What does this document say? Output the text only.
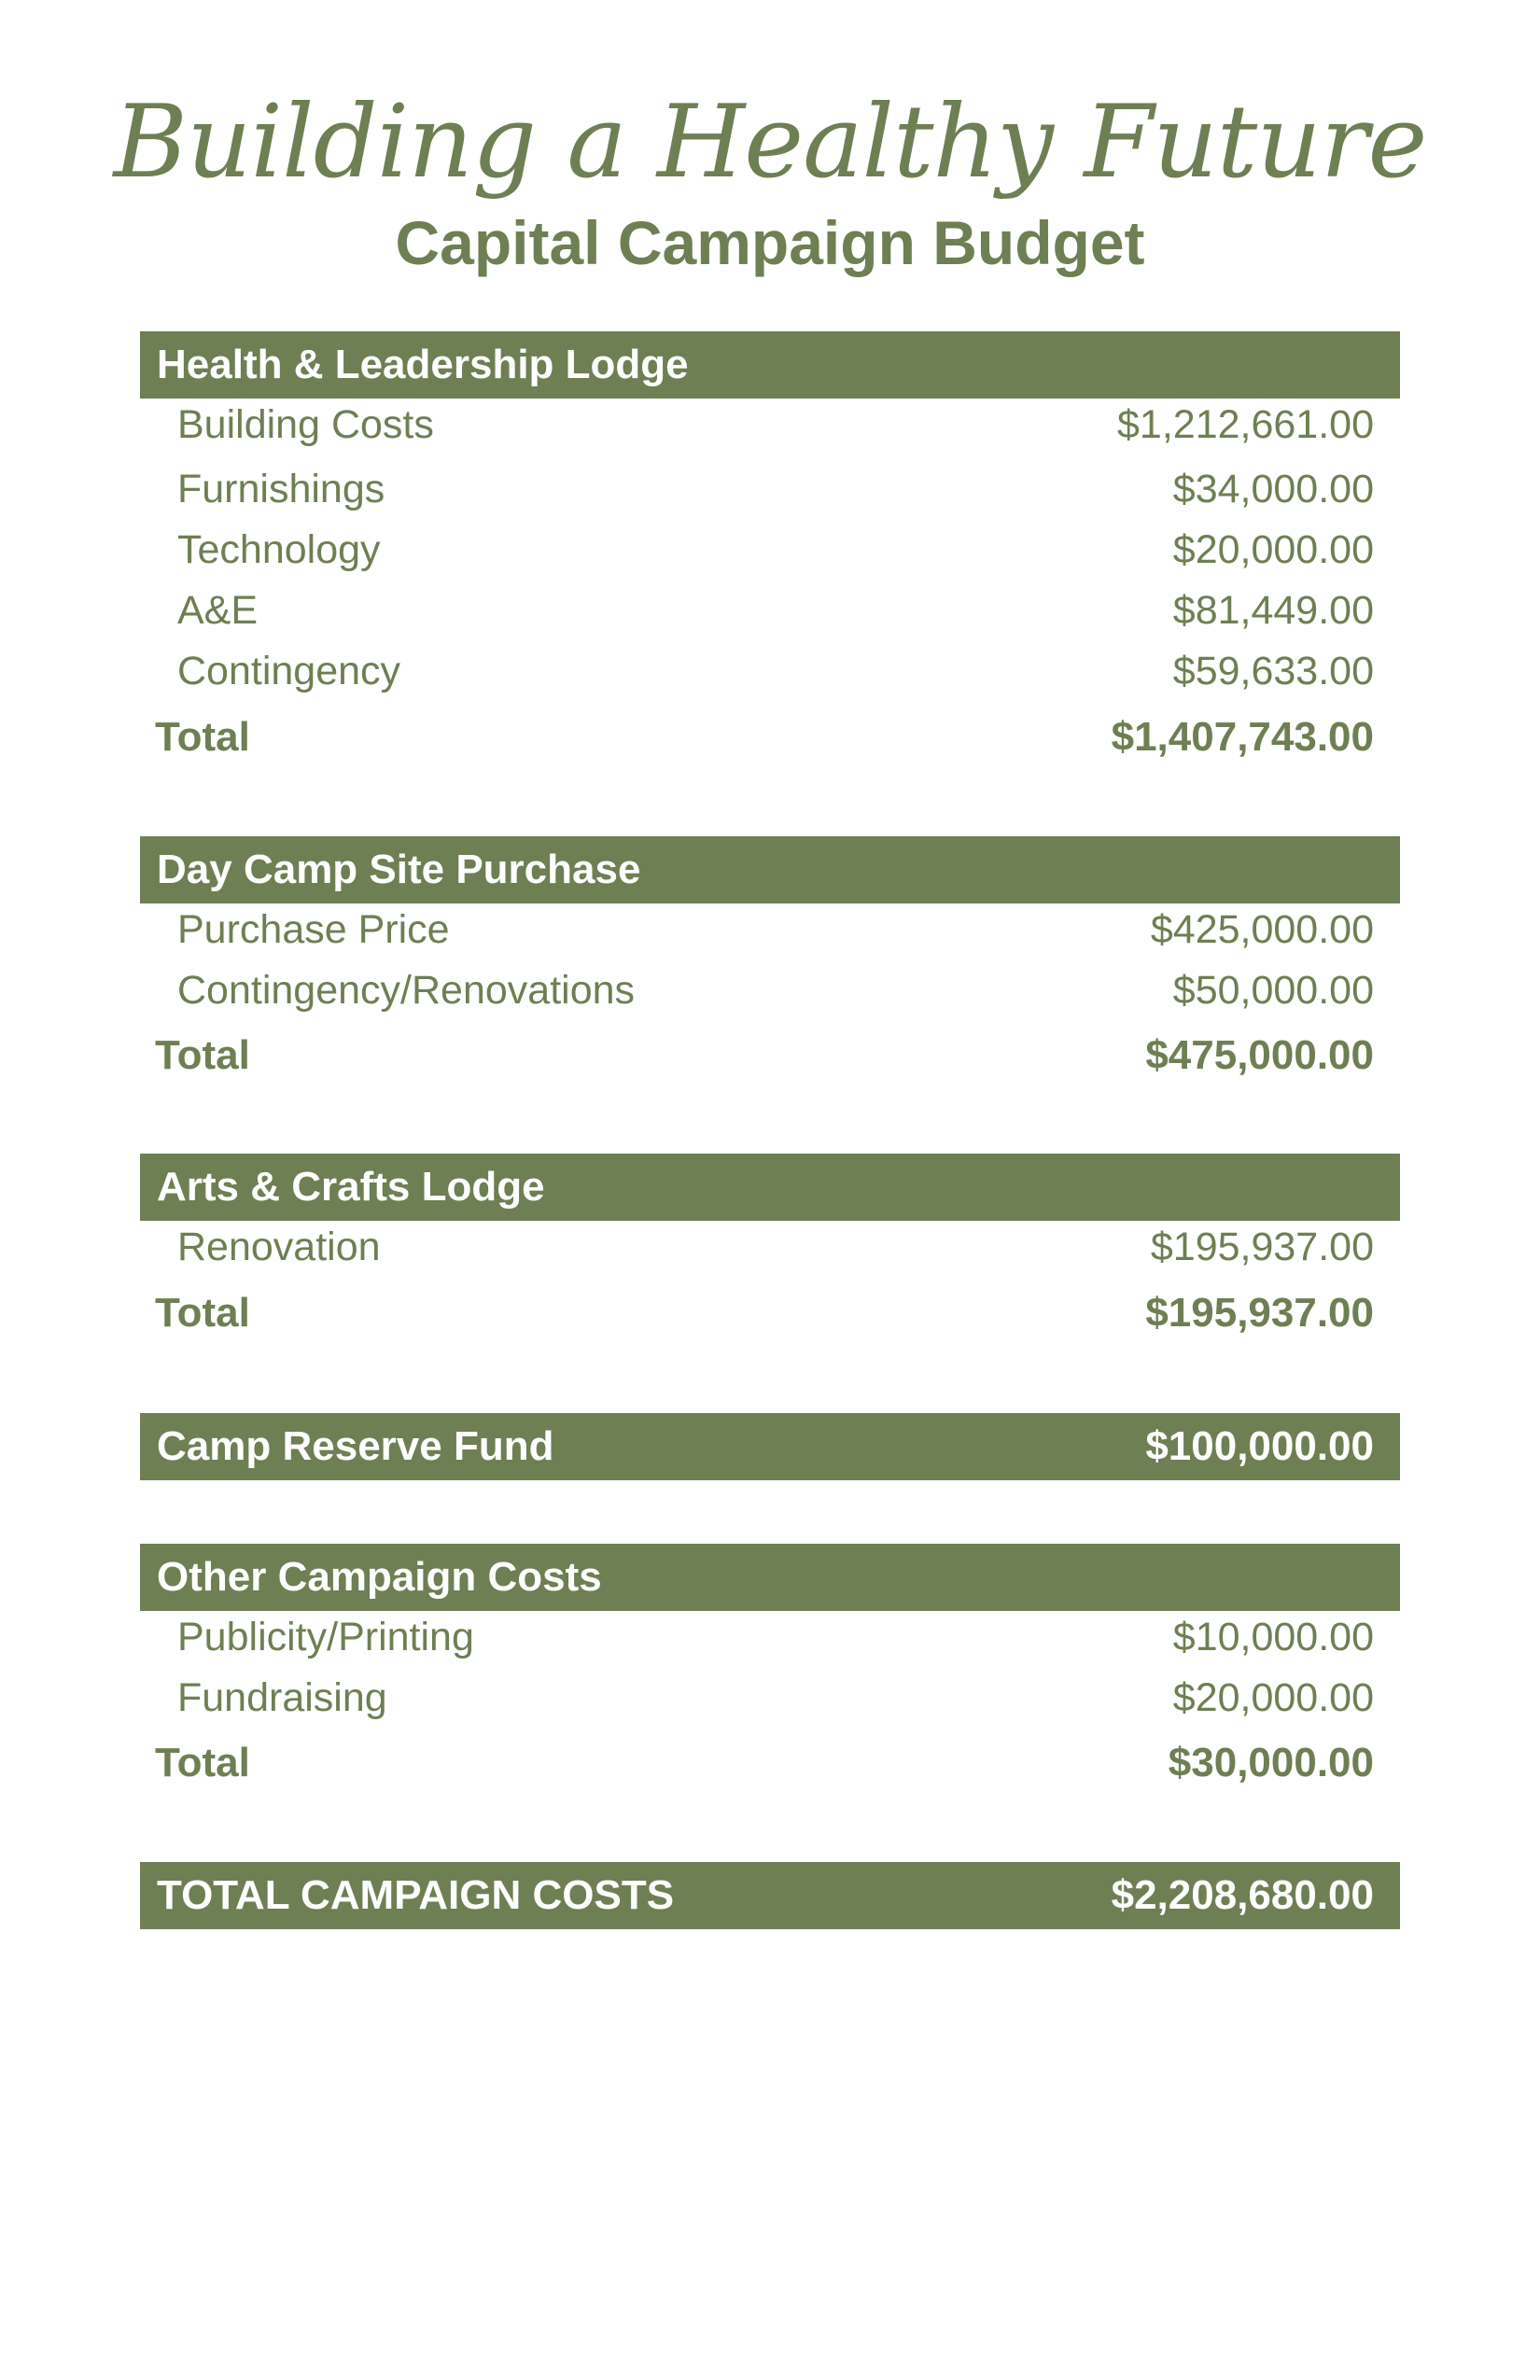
Building a Healthy Future
Capital Campaign Budget
Health & Leadership Lodge
Building Costs	$1,212,661.00
Furnishings	$34,000.00
Technology	$20,000.00
A&E	$81,449.00
Contingency	$59,633.00
Total	$1,407,743.00
Day Camp Site Purchase
Purchase Price	$425,000.00
Contingency/Renovations	$50,000.00
Total	$475,000.00
Arts & Crafts Lodge
Renovation	$195,937.00
Total	$195,937.00
Camp Reserve Fund	$100,000.00
Other Campaign Costs
Publicity/Printing	$10,000.00
Fundraising	$20,000.00
Total	$30,000.00
TOTAL CAMPAIGN COSTS	$2,208,680.00
